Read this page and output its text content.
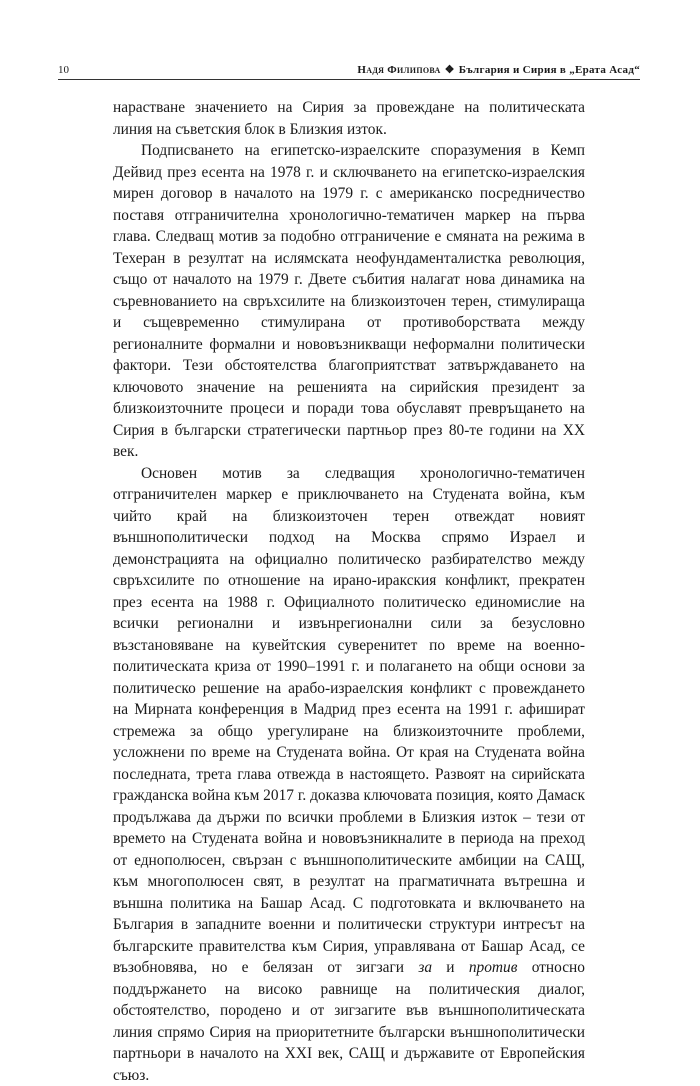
10	Надя Филипова ❖ България и Сирия в „Ерата Асад“

нарастване значението на Сирия за провеждане на политическата линия на съветския блок в Близкия изток.

Подписването на египетско-израелските споразумения в Кемп Дейвид през есента на 1978 г. и сключването на египетско-израелския мирен договор в началото на 1979 г. с американско посредничество поставя отграничителна хронологично-тематичен маркер на първа глава. Следващ мотив за подобно отграничение е смяната на режима в Техеран в резултат на ислямската неофундаменталистка революция, също от началото на 1979 г. Двете събития налагат нова динамика на съревнованието на свръхсилите на близкоизточен терен, стимулираща и същевременно стимулирана от противоборствата между регионалните формални и нововъзникващи неформални политически фактори. Тези обстоятелства благоприятстват затвърждаването на ключовото значение на решенията на сирийския президент за близкоизточните процеси и поради това обуславят превръщането на Сирия в български стратегически партньор през 80-те години на XX век.

Основен мотив за следващия хронологично-тематичен отграничителен маркер е приключването на Студената война, към чийто край на близкоизточен терен отвеждат новият външнополитически подход на Москва спрямо Израел и демонстрацията на официално политическо разбирателство между свръхсилите по отношение на ирано-иракския конфликт, прекратен през есента на 1988 г. Официалното политическо единомислие на всички регионални и извънрегионални сили за безусловно възстановяване на кувейтския суверенитет по време на военно-политическата криза от 1990–1991 г. и полагането на общи основи за политическо решение на арабо-израелския конфликт с провеждането на Мирната конференция в Мадрид през есента на 1991 г. афишират стремежа за общо урегулиране на близкоизточните проблеми, усложнени по време на Студената война. От края на Студената война последната, трета глава отвежда в настоящето. Развоят на сирийската гражданска война към 2017 г. доказва ключовата позиция, която Дамаск продължава да държи по всички проблеми в Близкия изток – тези от времето на Студената война и нововъзникналите в периода на преход от еднополюсен, свързан с външнополитическите амбиции на САЩ, към многополюсен свят, в резултат на прагматичната вътрешна и външна политика на Башар Асад. С подготовката и включването на България в западните военни и политически структури интресът на българските правителства към Сирия, управлявана от Башар Асад, се възобновява, но е белязан от зигзаги за и против относно поддържането на високо равнище на политическия диалог, обстоятелство, породено и от зигзагите във външнополитическата линия спрямо Сирия на приоритетните български външнополитически партньори в началото на XXI век, САЩ и държавите от Европейския съюз.
